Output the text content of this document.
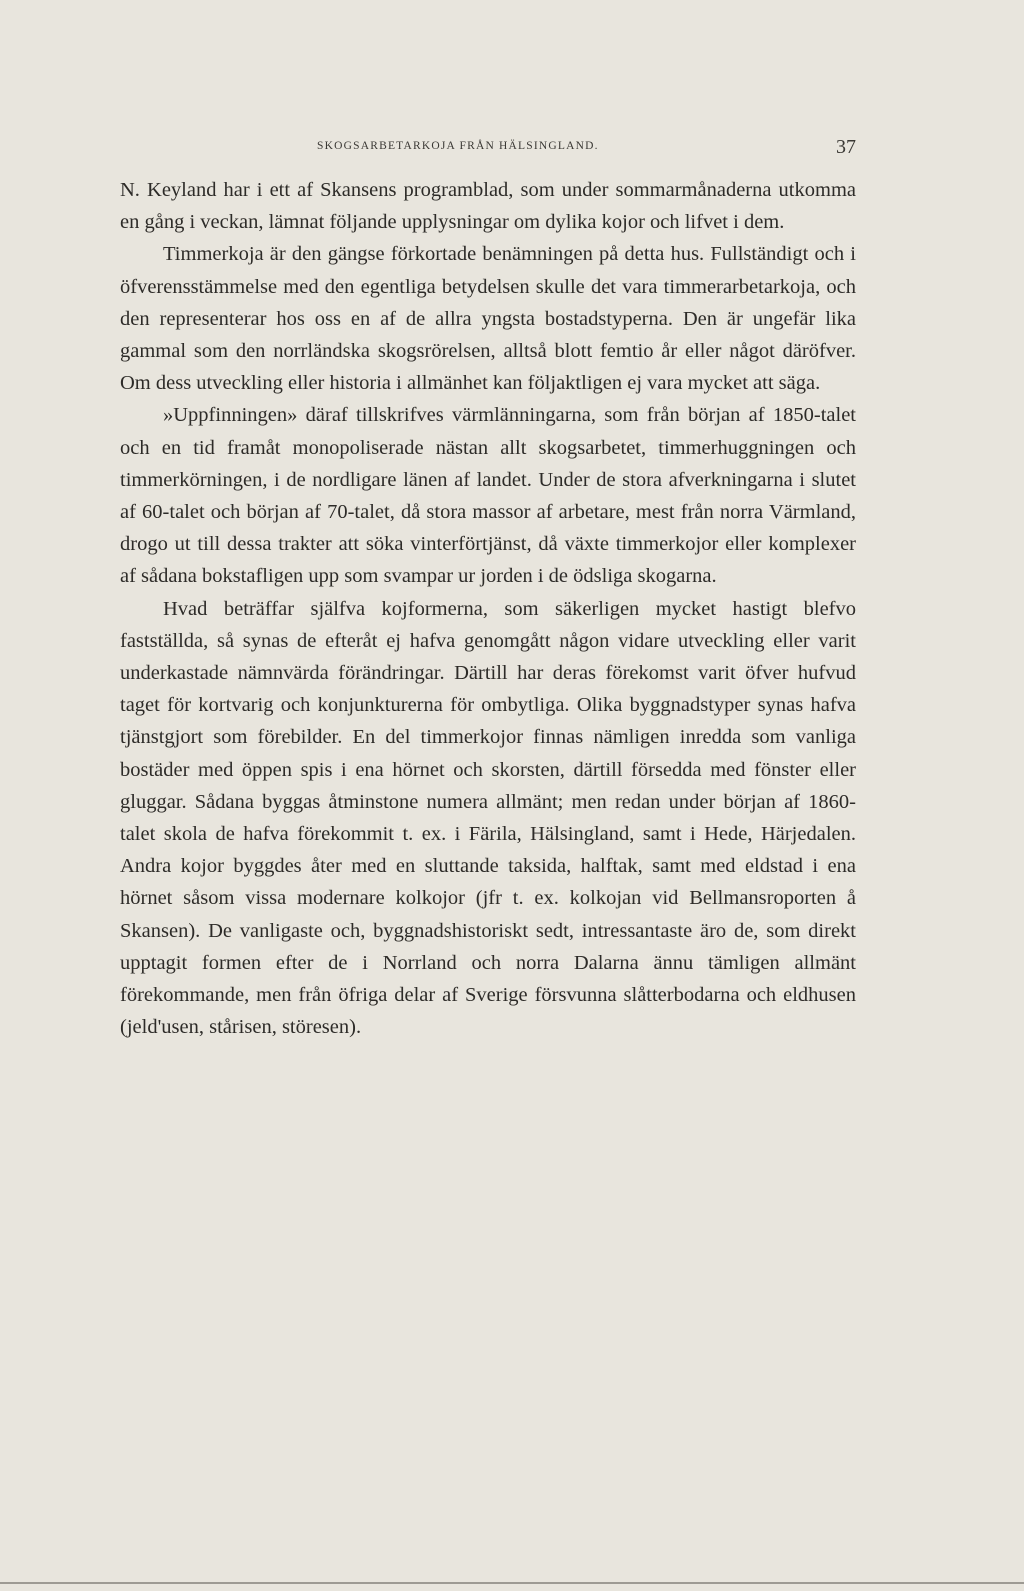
SKOGSARBETARKOJA FRÅN HÄLSINGLAND.	37

N. Keyland har i ett af Skansens programblad, som under sommarmånaderna utkomma en gång i veckan, lämnat följande upplysningar om dylika kojor och lifvet i dem.

Timmerkoja är den gängse förkortade benämningen på detta hus. Fullständigt och i öfverensstämmelse med den egentliga betydelsen skulle det vara timmerarbetarkoja, och den representerar hos oss en af de allra yngsta bostadstyperna. Den är ungefär lika gammal som den norrländska skogsrörelsen, alltså blott femtio år eller något däröfver. Om dess utveckling eller historia i allmänhet kan följaktligen ej vara mycket att säga.

»Uppfinningen» däraf tillskrifves värmlänningarna, som från början af 1850-talet och en tid framåt monopoliserade nästan allt skogsarbetet, timmerhuggningen och timmerkörningen, i de nordligare länen af landet. Under de stora afverkningarna i slutet af 60-talet och början af 70-talet, då stora massor af arbetare, mest från norra Värmland, drogo ut till dessa trakter att söka vinterförtjänst, då växte timmerkojor eller komplexer af sådana bokstafligen upp som svampar ur jorden i de ödsliga skogarna.

Hvad beträffar själfva kojformerna, som säkerligen mycket hastigt blefvo fastställda, så synas de efteråt ej hafva genomgått någon vidare utveckling eller varit underkastade nämnvärda förändringar. Därtill har deras förekomst varit öfver hufvud taget för kortvarig och konjunkturerna för ombytliga. Olika byggnadstyper synas hafva tjänstgjort som förebilder. En del timmerkojor finnas nämligen inredda som vanliga bostäder med öppen spis i ena hörnet och skorsten, därtill försedda med fönster eller gluggar. Sådana byggas åtminstone numera allmänt; men redan under början af 1860-talet skola de hafva förekommit t. ex. i Färila, Hälsingland, samt i Hede, Härjedalen. Andra kojor byggdes åter med en sluttande taksida, halftak, samt med eldstad i ena hörnet såsom vissa modernare kolkojor (jfr t. ex. kolkojan vid Bellmansroporten å Skansen). De vanligaste och, byggnadshistoriskt sedt, intressantaste äro de, som direkt upptagit formen efter de i Norrland och norra Dalarna ännu tämligen allmänt förekommande, men från öfriga delar af Sverige försvunna slåtterbodarna och eldhusen (jeld'usen, stårisen, störesen).
